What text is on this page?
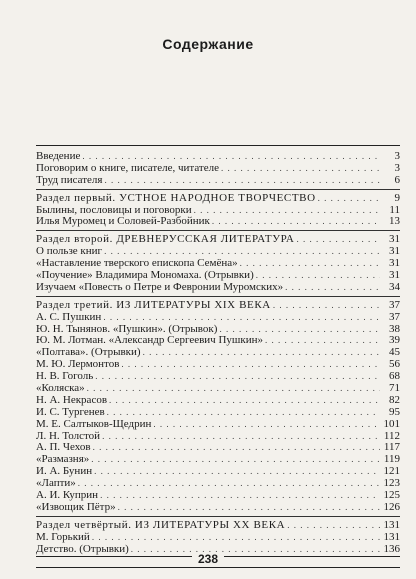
Содержание
Введение . . .	3
Поговорим о книге, писателе, читателе . . .	3
Труд писателя . . .	6
Раздел первый. УСТНОЕ НАРОДНОЕ ТВОРЧЕСТВО . . .	9
Былины, пословицы и поговорки . . .	11
Илья Муромец и Соловей-Разбойник . . .	13
Раздел второй. ДРЕВНЕРУССКАЯ ЛИТЕРАТУРА . . .	31
О пользе книг . . .	31
«Наставление тверского епископа Семёна» . . .	31
«Поучение» Владимира Мономаха. (Отрывки) . . .	31
Изучаем «Повесть о Петре и Февронии Муромских» . . .	34
Раздел третий. ИЗ ЛИТЕРАТУРЫ XIX ВЕКА . . .	37
А. С. Пушкин . . .	37
Ю. Н. Тынянов. «Пушкин». (Отрывок) . . .	38
Ю. М. Лотман. «Александр Сергеевич Пушкин» . . .	39
«Полтава». (Отрывки) . . .	45
М. Ю. Лермонтов . . .	56
Н. В. Гоголь . . .	68
«Коляска» . . .	71
Н. А. Некрасов . . .	82
И. С. Тургенев . . .	95
М. Е. Салтыков-Щедрин . . .	101
Л. Н. Толстой . . .	112
А. П. Чехов . . .	117
«Размазня» . . .	119
И. А. Бунин . . .	121
«Лапти» . . .	123
А. И. Куприн . . .	125
«Извощик Пётр» . . .	126
Раздел четвёртый. ИЗ ЛИТЕРАТУРЫ XX ВЕКА . . .	131
М. Горький . . .	131
Детство. (Отрывки) . . .	136
238
